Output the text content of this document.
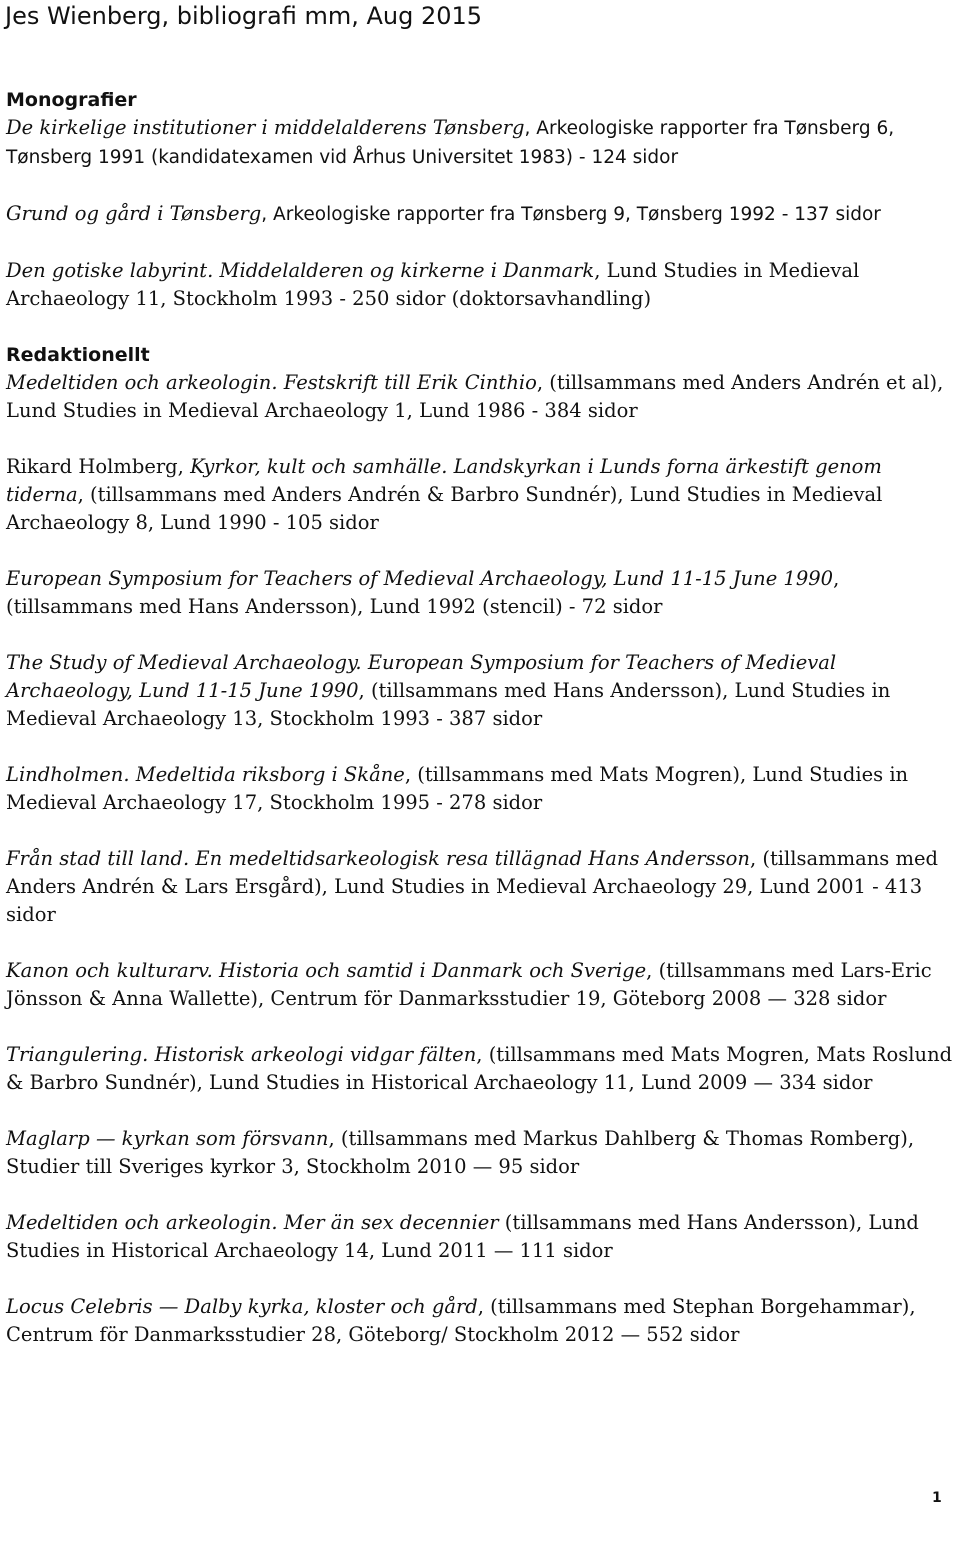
Jes Wienberg, bibliografi mm, Aug 2015
Monografier

De kirkelige institutioner i middelalderens Tønsberg, Arkeologiske rapporter fra Tønsberg 6, Tønsberg 1991 (kandidatexamen vid Århus Universitet 1983) - 124 sidor

Grund og gård i Tønsberg, Arkeologiske rapporter fra Tønsberg 9, Tønsberg 1992 - 137 sidor

Den gotiske labyrint. Middelalderen og kirkerne i Danmark, Lund Studies in Medieval Archaeology 11, Stockholm 1993 - 250 sidor (doktorsavhandling)

Redaktionellt

Medeltiden och arkeologin. Festskrift till Erik Cinthio, (tillsammans med Anders Andrén et al), Lund Studies in Medieval Archaeology 1, Lund 1986 - 384 sidor

Rikard Holmberg, Kyrkor, kult och samhälle. Landskyrkan i Lunds forna ärkestift genom tiderna, (tillsammans med Anders Andrén & Barbro Sundnér), Lund Studies in Medieval Archaeology 8, Lund 1990 - 105 sidor

European Symposium for Teachers of Medieval Archaeology, Lund 11-15 June 1990, (tillsammans med Hans Andersson), Lund 1992 (stencil) - 72 sidor

The Study of Medieval Archaeology. European Symposium for Teachers of Medieval Archaeology, Lund 11-15 June 1990, (tillsammans med Hans Andersson), Lund Studies in Medieval Archaeology 13, Stockholm 1993 - 387 sidor

Lindholmen. Medeltida riksborg i Skåne, (tillsammans med Mats Mogren), Lund Studies in Medieval Archaeology 17, Stockholm 1995 - 278 sidor

Från stad till land. En medeltidsarkeologisk resa tillägnad Hans Andersson, (tillsammans med Anders Andrén & Lars Ersgård), Lund Studies in Medieval Archaeology 29, Lund 2001 - 413 sidor

Kanon och kulturarv. Historia och samtid i Danmark och Sverige, (tillsammans med Lars-Eric Jönsson & Anna Wallette), Centrum för Danmarksstudier 19, Göteborg 2008 — 328 sidor

Triangulering. Historisk arkeologi vidgar fälten, (tillsammans med Mats Mogren, Mats Roslund & Barbro Sundnér), Lund Studies in Historical Archaeology 11, Lund 2009 — 334 sidor

Maglarp — kyrkan som försvann, (tillsammans med Markus Dahlberg & Thomas Romberg), Studier till Sveriges kyrkor 3, Stockholm 2010 — 95 sidor

Medeltiden och arkeologin. Mer än sex decennier (tillsammans med Hans Andersson), Lund Studies in Historical Archaeology 14, Lund 2011 — 111 sidor

Locus Celebris — Dalby kyrka, kloster och gård, (tillsammans med Stephan Borgehammar), Centrum för Danmarksstudier 28, Göteborg/ Stockholm 2012 — 552 sidor

1
